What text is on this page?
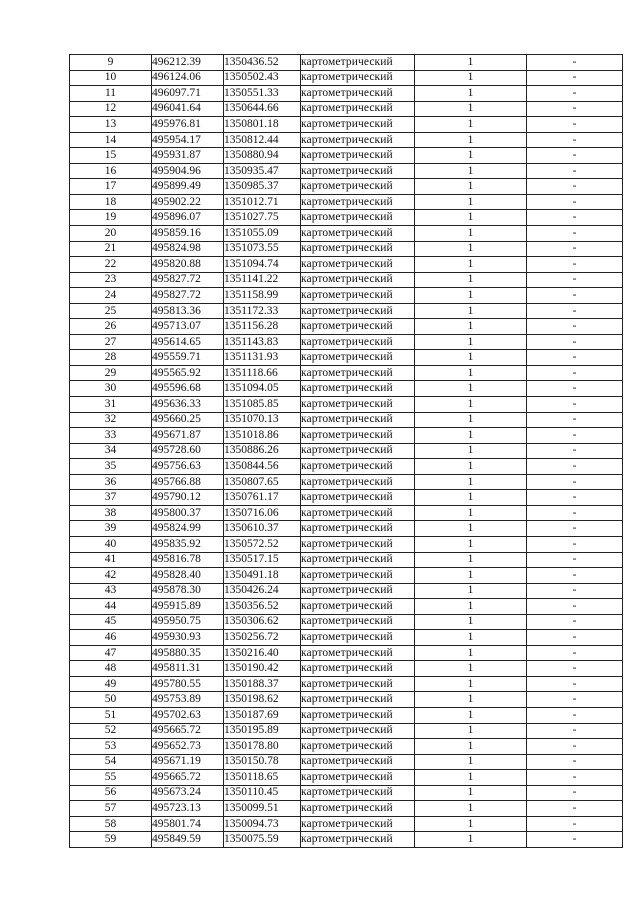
9	496212.39	1350436.52	картометрический	1	-
10	496124.06	1350502.43	картометрический	1	-
11	496097.71	1350551.33	картометрический	1	-
12	496041.64	1350644.66	картометрический	1	-
13	495976.81	1350801.18	картометрический	1	-
14	495954.17	1350812.44	картометрический	1	-
15	495931.87	1350880.94	картометрический	1	-
16	495904.96	1350935.47	картометрический	1	-
17	495899.49	1350985.37	картометрический	1	-
18	495902.22	1351012.71	картометрический	1	-
19	495896.07	1351027.75	картометрический	1	-
20	495859.16	1351055.09	картометрический	1	-
21	495824.98	1351073.55	картометрический	1	-
22	495820.88	1351094.74	картометрический	1	-
23	495827.72	1351141.22	картометрический	1	-
24	495827.72	1351158.99	картометрический	1	-
25	495813.36	1351172.33	картометрический	1	-
26	495713.07	1351156.28	картометрический	1	-
27	495614.65	1351143.83	картометрический	1	-
28	495559.71	1351131.93	картометрический	1	-
29	495565.92	1351118.66	картометрический	1	-
30	495596.68	1351094.05	картометрический	1	-
31	495636.33	1351085.85	картометрический	1	-
32	495660.25	1351070.13	картометрический	1	-
33	495671.87	1351018.86	картометрический	1	-
34	495728.60	1350886.26	картометрический	1	-
35	495756.63	1350844.56	картометрический	1	-
36	495766.88	1350807.65	картометрический	1	-
37	495790.12	1350761.17	картометрический	1	-
38	495800.37	1350716.06	картометрический	1	-
39	495824.99	1350610.37	картометрический	1	-
40	495835.92	1350572.52	картометрический	1	-
41	495816.78	1350517.15	картометрический	1	-
42	495828.40	1350491.18	картометрический	1	-
43	495878.30	1350426.24	картометрический	1	-
44	495915.89	1350356.52	картометрический	1	-
45	495950.75	1350306.62	картометрический	1	-
46	495930.93	1350256.72	картометрический	1	-
47	495880.35	1350216.40	картометрический	1	-
48	495811.31	1350190.42	картометрический	1	-
49	495780.55	1350188.37	картометрический	1	-
50	495753.89	1350198.62	картометрический	1	-
51	495702.63	1350187.69	картометрический	1	-
52	495665.72	1350195.89	картометрический	1	-
53	495652.73	1350178.80	картометрический	1	-
54	495671.19	1350150.78	картометрический	1	-
55	495665.72	1350118.65	картометрический	1	-
56	495673.24	1350110.45	картометрический	1	-
57	495723.13	1350099.51	картометрический	1	-
58	495801.74	1350094.73	картометрический	1	-
59	495849.59	1350075.59	картометрический	1	-
